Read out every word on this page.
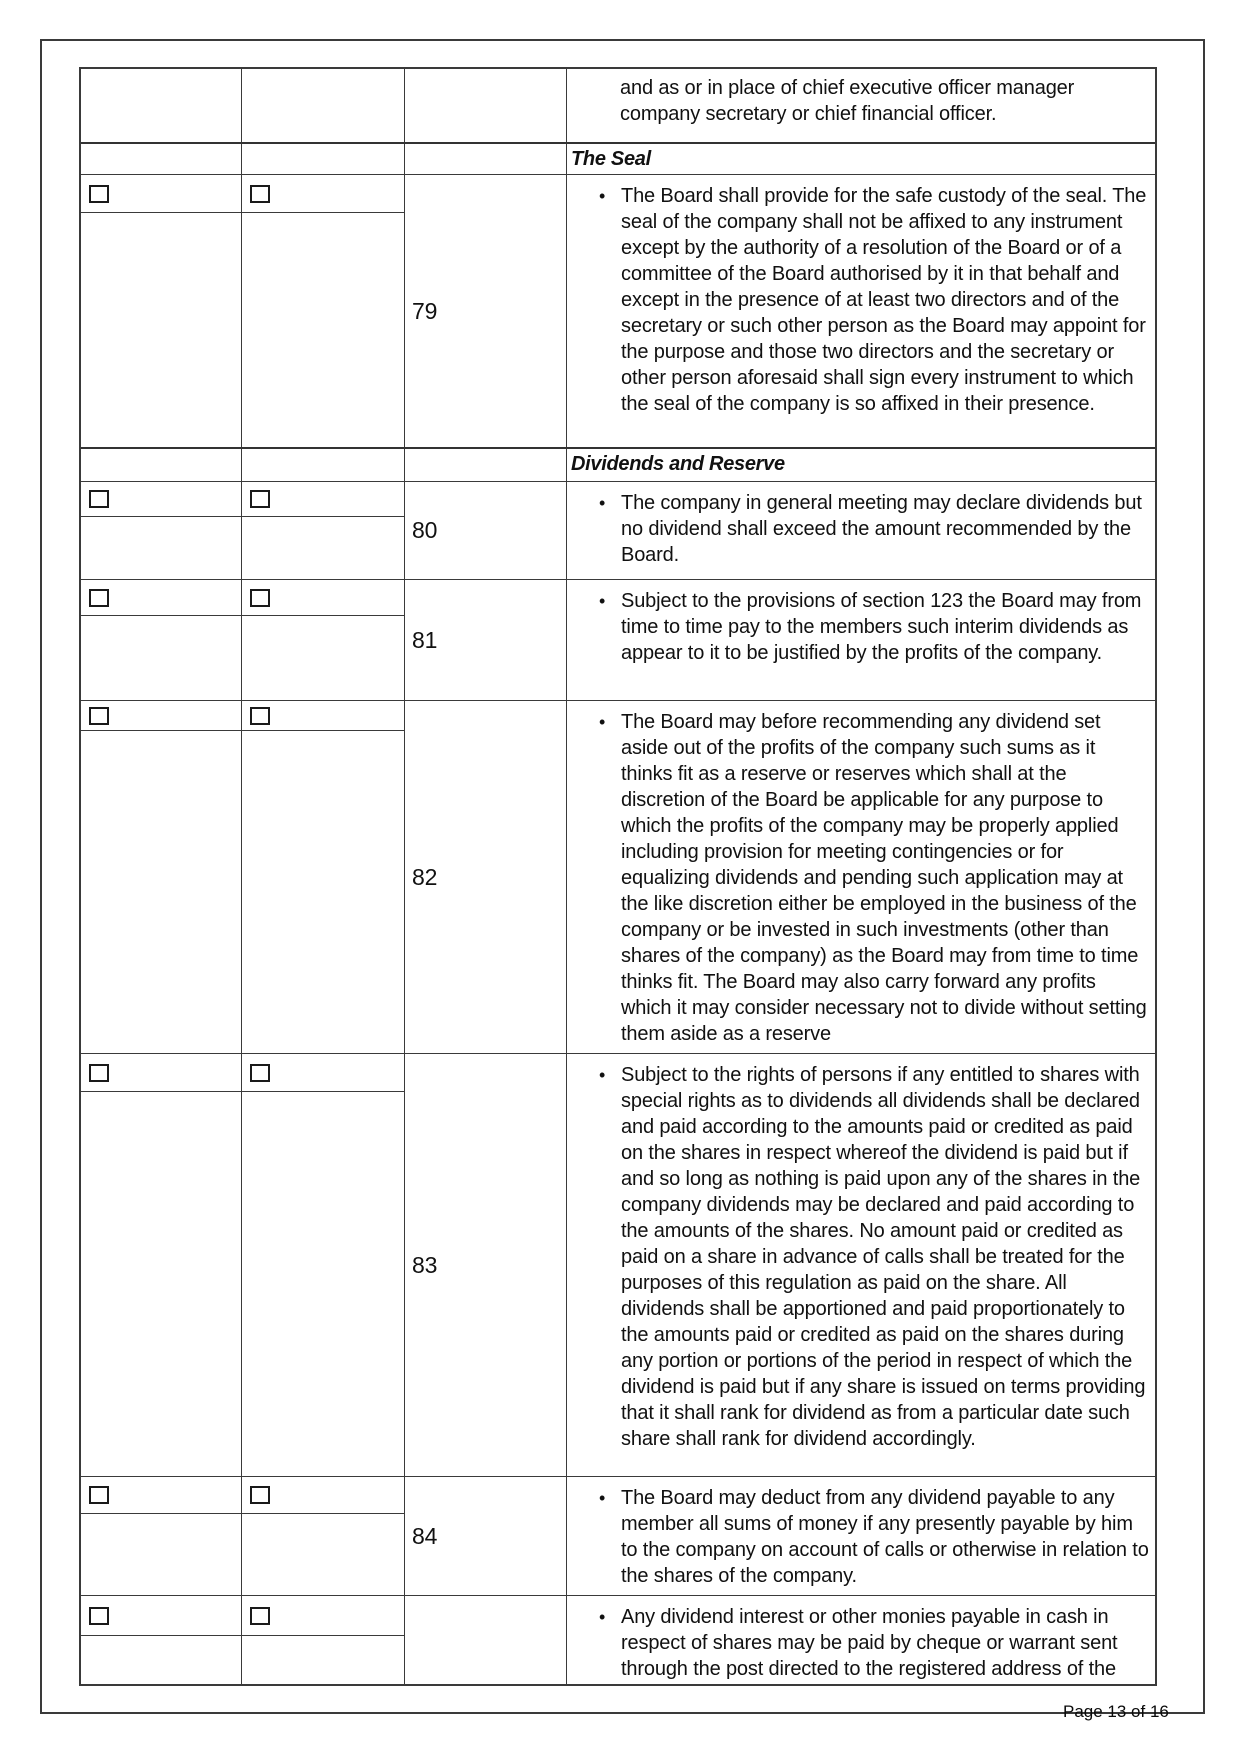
and as or in place of chief executive officer manager company secretary or chief financial officer.
The Seal
79
• The Board shall provide for the safe custody of the seal. The seal of the company shall not be affixed to any instrument except by the authority of a resolution of the Board or of a committee of the Board authorised by it in that behalf and except in the presence of at least two directors and of the secretary or such other person as the Board may appoint for the purpose and those two directors and the secretary or other person aforesaid shall sign every instrument to which the seal of the company is so affixed in their presence.
Dividends and Reserve
80
• The company in general meeting may declare dividends but no dividend shall exceed the amount recommended by the Board.
81
• Subject to the provisions of section 123 the Board may from time to time pay to the members such interim dividends as appear to it to be justified by the profits of the company.
82
• The Board may before recommending any dividend set aside out of the profits of the company such sums as it thinks fit as a reserve or reserves which shall at the discretion of the Board be applicable for any purpose to which the profits of the company may be properly applied including provision for meeting contingencies or for equalizing dividends and pending such application may at the like discretion either be employed in the business of the company or be invested in such investments (other than shares of the company) as the Board may from time to time thinks fit. The Board may also carry forward any profits which it may consider necessary not to divide without setting them aside as a reserve
83
• Subject to the rights of persons if any entitled to shares with special rights as to dividends all dividends shall be declared and paid according to the amounts paid or credited as paid on the shares in respect whereof the dividend is paid but if and so long as nothing is paid upon any of the shares in the company dividends may be declared and paid according to the amounts of the shares. No amount paid or credited as paid on a share in advance of calls shall be treated for the purposes of this regulation as paid on the share. All dividends shall be apportioned and paid proportionately to the amounts paid or credited as paid on the shares during any portion or portions of the period in respect of which the dividend is paid but if any share is issued on terms providing that it shall rank for dividend as from a particular date such share shall rank for dividend accordingly.
84
• The Board may deduct from any dividend payable to any member all sums of money if any presently payable by him to the company on account of calls or otherwise in relation to the shares of the company.
• Any dividend interest or other monies payable in cash in respect of shares may be paid by cheque or warrant sent through the post directed to the registered address of the
Page 13 of 16
